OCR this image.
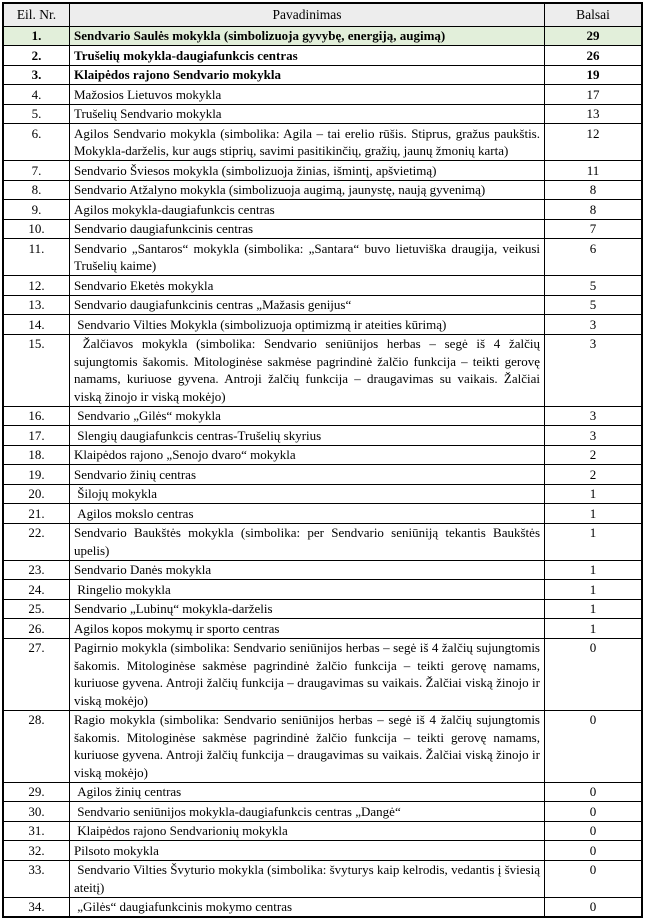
Eil. Nr.	Pavadinimas	Balsai
1.	Sendvario Saulės mokykla (simbolizuoja gyvybę, energiją, augimą)	29
2.	Trušelių mokykla-daugiafunkcis centras	26
3.	Klaipėdos rajono Sendvario mokykla	19
4.	Mažosios Lietuvos mokykla	17
5.	Trušelių Sendvario mokykla	13
6.	Agilos Sendvario mokykla (simbolika: Agila – tai erelio rūšis. Stiprus, gražus paukštis. Mokykla-darželis, kur augs stiprių, savimi pasitikinčių, gražių, jaunų žmonių karta)	12
7.	Sendvario Šviesos mokykla (simbolizuoja žinias, išmintį, apšvietimą)	11
8.	Sendvario Atžalyno mokykla (simbolizuoja augimą, jaunystę, naują gyvenimą)	8
9.	Agilos mokykla-daugiafunkcis centras	8
10.	Sendvario daugiafunkcinis centras	7
11.	Sendvario „Santaros“ mokykla (simbolika: „Santara“ buvo lietuviška draugija, veikusi Trušelių kaime)	6
12.	Sendvario Eketės mokykla	5
13.	Sendvario daugiafunkcinis centras „Mažasis genijus“	5
14.	Sendvario Vilties Mokykla (simbolizuoja optimizmą ir ateities kūrimą)	3
15.	Žalčiavos mokykla (simbolika: Sendvario seniūnijos herbas – segė iš 4 žalčių sujungtomis šakomis. Mitologinėse sakmėse pagrindinė žalčio funkcija – teikti gerovę namams, kuriuose gyvena. Antroji žalčių funkcija – draugavimas su vaikais. Žalčiai viską žinojo ir viską mokėjo)	3
16.	Sendvario „Gilės“ mokykla	3
17.	Slengių daugiafunkcis centras-Trušelių skyrius	3
18.	Klaipėdos rajono „Senojo dvaro“ mokykla	2
19.	Sendvario žinių centras	2
20.	Šilojų mokykla	1
21.	Agilos mokslo centras	1
22.	Sendvario Baukštės mokykla (simbolika: per Sendvario seniūniją tekantis Baukštės upelis)	1
23.	Sendvario Danės mokykla	1
24.	Ringelio mokykla	1
25.	Sendvario „Lubinų“ mokykla-darželis	1
26.	Agilos kopos mokymų ir sporto centras	1
27.	Pagirnio mokykla (simbolika: Sendvario seniūnijos herbas – segė iš 4 žalčių sujungtomis šakomis. Mitologinėse sakmėse pagrindinė žalčio funkcija – teikti gerovę namams, kuriuose gyvena. Antroji žalčių funkcija – draugavimas su vaikais. Žalčiai viską žinojo ir viską mokėjo)	0
28.	Ragio mokykla (simbolika: Sendvario seniūnijos herbas – segė iš 4 žalčių sujungtomis šakomis. Mitologinėse sakmėse pagrindinė žalčio funkcija – teikti gerovę namams, kuriuose gyvena. Antroji žalčių funkcija – draugavimas su vaikais. Žalčiai viską žinojo ir viską mokėjo)	0
29.	Agilos žinių centras	0
30.	Sendvario seniūnijos mokykla-daugiafunkcis centras „Dangė“	0
31.	Klaipėdos rajono Sendvarionių mokykla	0
32.	Pilsoto mokykla	0
33.	Sendvario Vilties Švyturio mokykla (simbolika: švyturys kaip kelrodis, vedantis į šviesią ateitį)	0
34.	„Gilės“ daugiafunkcinis mokymo centras	0
